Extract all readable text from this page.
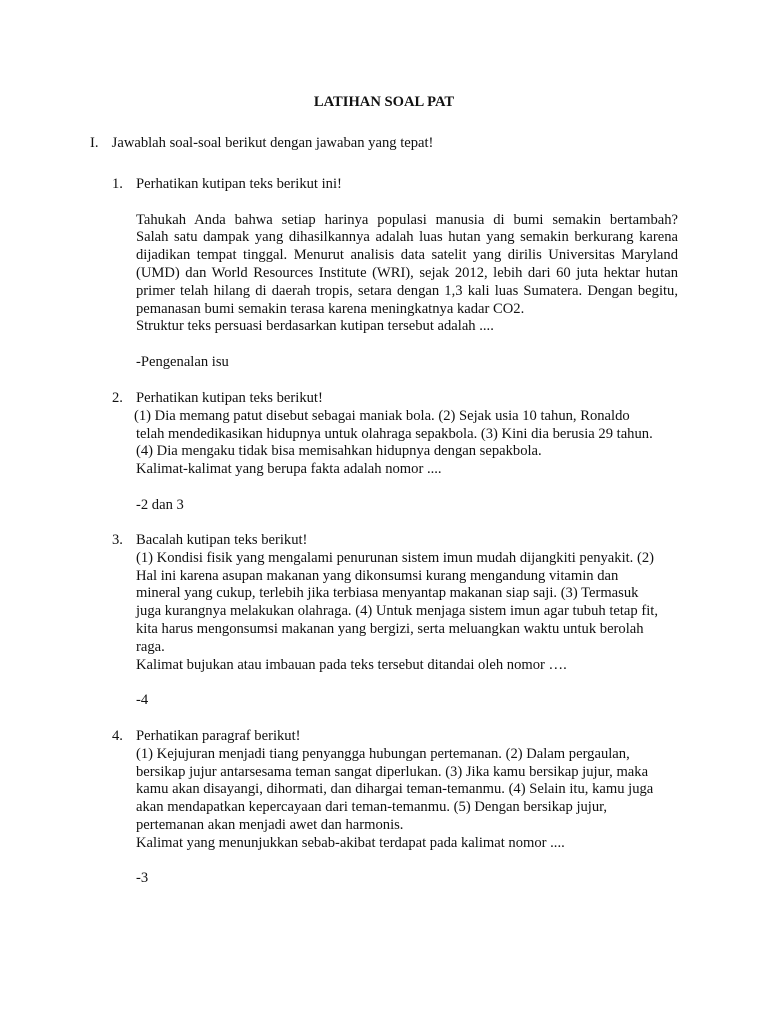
LATIHAN SOAL PAT
I. Jawablah soal-soal berikut dengan jawaban yang tepat!
1. Perhatikan kutipan teks berikut ini!
Tahukah Anda bahwa setiap harinya populasi manusia di bumi semakin bertambah?
Salah satu dampak yang dihasilkannya adalah luas hutan yang semakin berkurang karena
dijadikan tempat tinggal. Menurut analisis data satelit yang dirilis Universitas Maryland
(UMD) dan World Resources Institute (WRI), sejak 2012, lebih dari 60 juta hektar hutan
primer telah hilang di daerah tropis, setara dengan 1,3 kali luas Sumatera. Dengan begitu,
pemanasan bumi semakin terasa karena meningkatnya kadar CO2.
Struktur teks persuasi berdasarkan kutipan tersebut adalah ....
-Pengenalan isu
2. Perhatikan kutipan teks berikut!
(1) Dia memang patut disebut sebagai maniak bola. (2) Sejak usia 10 tahun, Ronaldo
telah mendedikasikan hidupnya untuk olahraga sepakbola. (3) Kini dia berusia 29 tahun.
(4) Dia mengaku tidak bisa memisahkan hidupnya dengan sepakbola.
Kalimat-kalimat yang berupa fakta adalah nomor ....
-2 dan 3
3. Bacalah kutipan teks berikut!
(1) Kondisi fisik yang mengalami penurunan sistem imun mudah dijangkiti penyakit. (2)
Hal ini karena asupan makanan yang dikonsumsi kurang mengandung vitamin dan
mineral yang cukup, terlebih jika terbiasa menyantap makanan siap saji. (3) Termasuk
juga kurangnya melakukan olahraga. (4) Untuk menjaga sistem imun agar tubuh tetap fit,
kita harus mengonsumsi makanan yang bergizi, serta meluangkan waktu untuk berolah
raga.
Kalimat bujukan atau imbauan pada teks tersebut ditandai oleh nomor ….
-4
4. Perhatikan paragraf berikut!
(1) Kejujuran menjadi tiang penyangga hubungan pertemanan. (2) Dalam pergaulan,
bersikap jujur antarsesama teman sangat diperlukan. (3) Jika kamu bersikap jujur, maka
kamu akan disayangi, dihormati, dan dihargai teman-temanmu. (4) Selain itu, kamu juga
akan mendapatkan kepercayaan dari teman-temanmu. (5) Dengan bersikap jujur,
pertemanan akan menjadi awet dan harmonis.
Kalimat yang menunjukkan sebab-akibat terdapat pada kalimat nomor ....
-3
